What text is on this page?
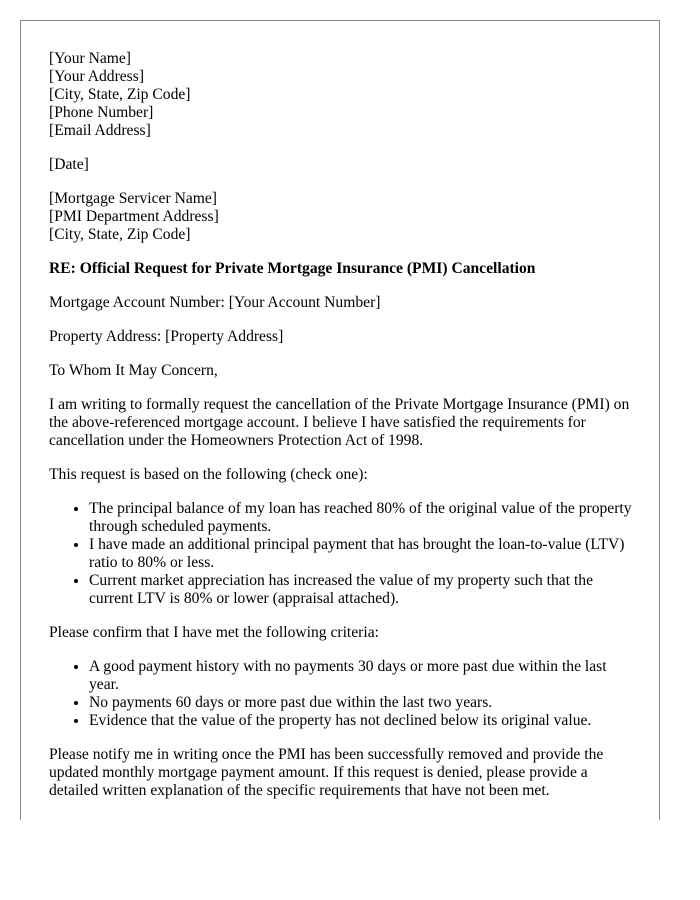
[Your Name]
[Your Address]
[City, State, Zip Code]
[Phone Number]
[Email Address]
[Date]
[Mortgage Servicer Name]
[PMI Department Address]
[City, State, Zip Code]
RE: Official Request for Private Mortgage Insurance (PMI) Cancellation

Mortgage Account Number: [Your Account Number]

Property Address: [Property Address]

To Whom It May Concern,

I am writing to formally request the cancellation of the Private Mortgage Insurance (PMI) on the above-referenced mortgage account. I believe I have satisfied the requirements for cancellation under the Homeowners Protection Act of 1998.

This request is based on the following (check one):

• The principal balance of my loan has reached 80% of the original value of the property through scheduled payments.
• I have made an additional principal payment that has brought the loan-to-value (LTV) ratio to 80% or less.
• Current market appreciation has increased the value of my property such that the current LTV is 80% or lower (appraisal attached).

Please confirm that I have met the following criteria:

• A good payment history with no payments 30 days or more past due within the last year.
• No payments 60 days or more past due within the last two years.
• Evidence that the value of the property has not declined below its original value.

Please notify me in writing once the PMI has been successfully removed and provide the updated monthly mortgage payment amount. If this request is denied, please provide a detailed written explanation of the specific requirements that have not been met.
